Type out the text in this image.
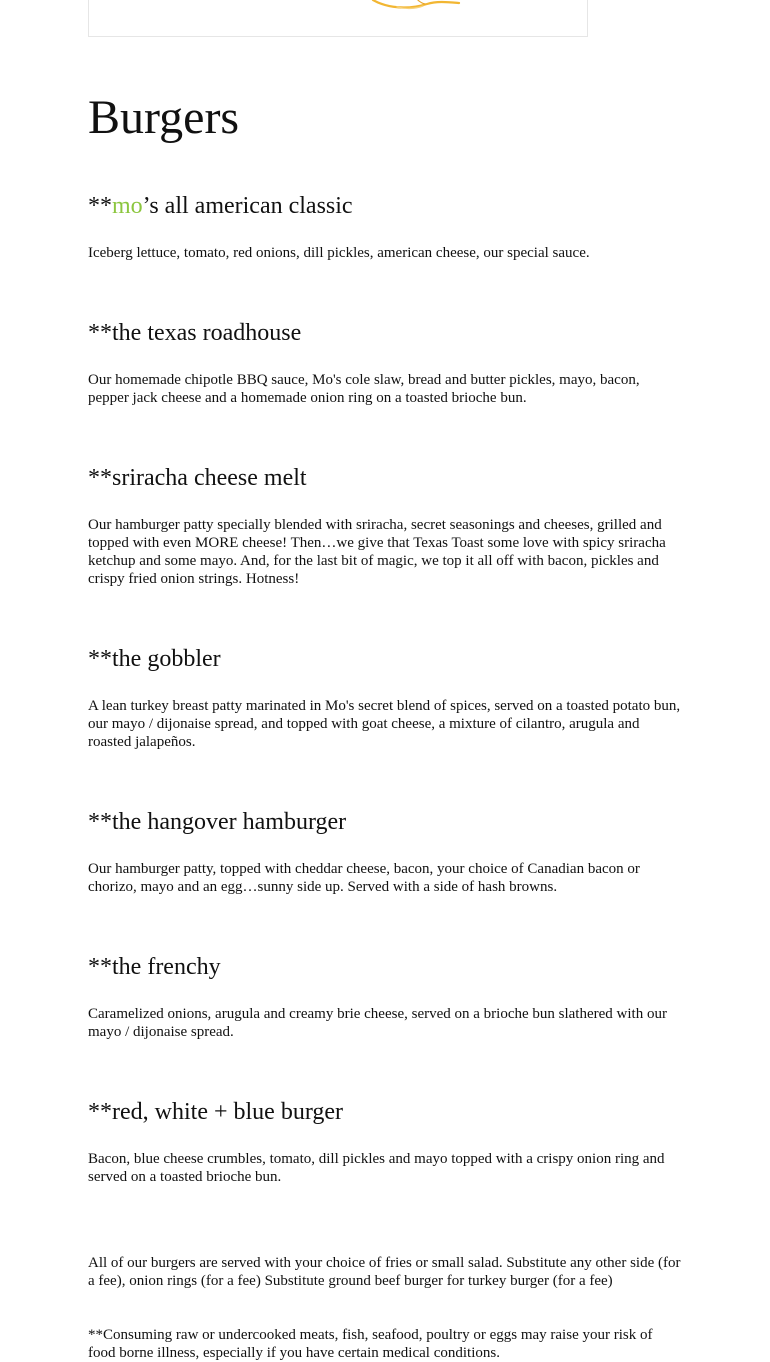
Burgers
**mo’s all american classic

Iceberg lettuce, tomato, red onions, dill pickles, american cheese, our special sauce.

**the texas roadhouse

Our homemade chipotle BBQ sauce, Mo's cole slaw, bread and butter pickles, mayo, bacon, pepper jack cheese and a homemade onion ring on a toasted brioche bun.

**sriracha cheese melt

Our hamburger patty specially blended with sriracha, secret seasonings and cheeses, grilled and topped with even MORE cheese! Then…we give that Texas Toast some love with spicy sriracha ketchup and some mayo. And, for the last bit of magic, we top it all off with bacon, pickles and crispy fried onion strings. Hotness!

**the gobbler

A lean turkey breast patty marinated in Mo's secret blend of spices, served on a toasted potato bun, our mayo / dijonaise spread, and topped with goat cheese, a mixture of cilantro, arugula and roasted jalapeños.

**the hangover hamburger

Our hamburger patty, topped with cheddar cheese, bacon, your choice of Canadian bacon or chorizo, mayo and an egg…sunny side up. Served with a side of hash browns.

**the frenchy

Caramelized onions, arugula and creamy brie cheese, served on a brioche bun slathered with our mayo / dijonaise spread.

**red, white + blue burger

Bacon, blue cheese crumbles, tomato, dill pickles and mayo topped with a crispy onion ring and served on a toasted brioche bun.

All of our burgers are served with your choice of fries or small salad. Substitute any other side (for a fee), onion rings (for a fee) Substitute ground beef burger for turkey burger (for a fee)

**Consuming raw or undercooked meats, fish, seafood, poultry or eggs may raise your risk of food borne illness, especially if you have certain medical conditions.
